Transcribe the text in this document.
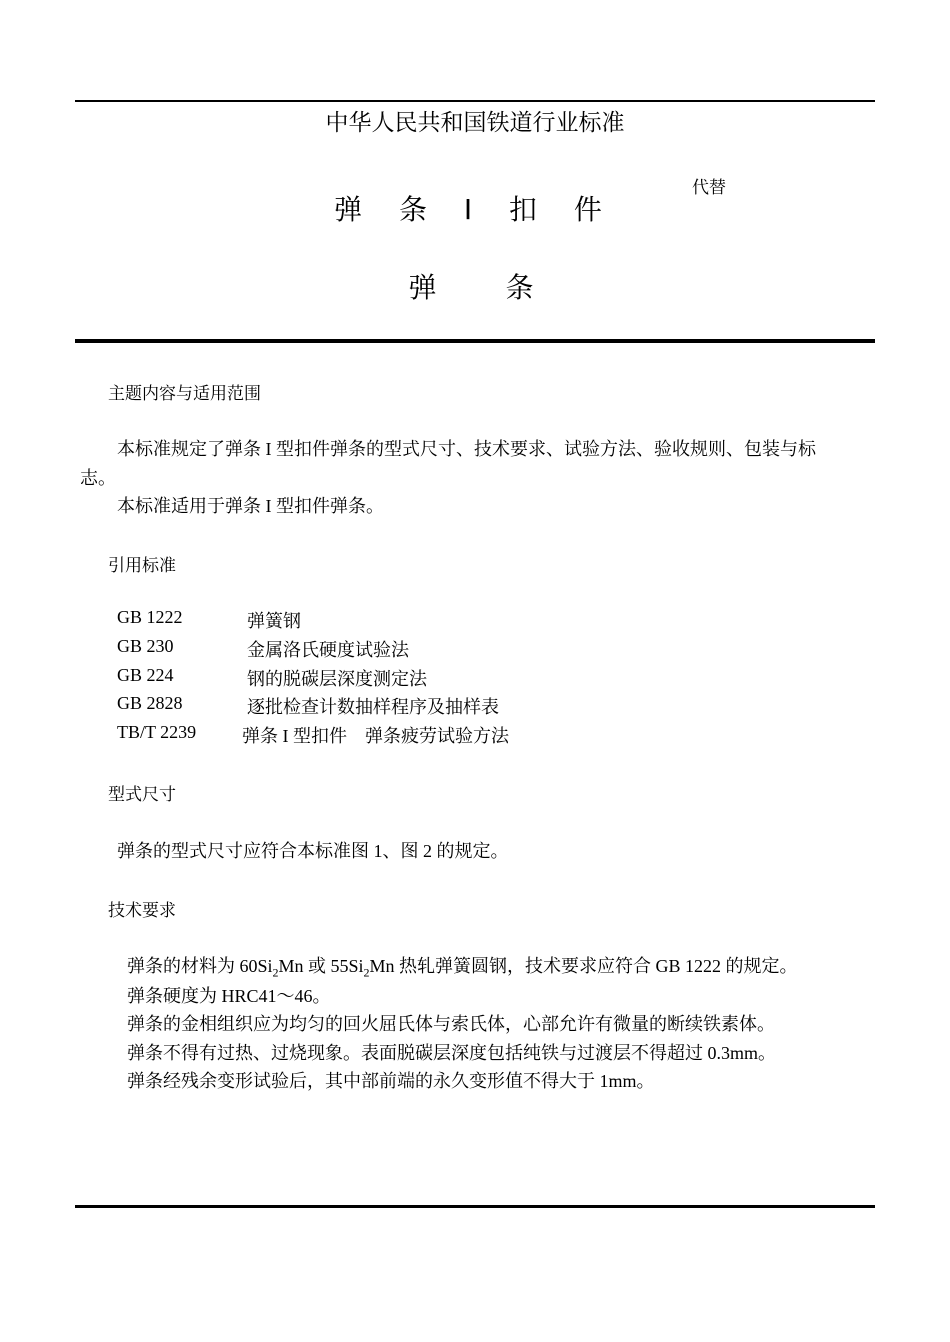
中华人民共和国铁道行业标准
代替
弹 条 Ⅰ 扣 件
弹 条
主题内容与适用范围
本标准规定了弹条 I 型扣件弹条的型式尺寸、技术要求、试验方法、验收规则、包装与标
志。
本标准适用于弹条 I 型扣件弹条。
引用标准
GB 1222	弹簧钢
GB 230	金属洛氏硬度试验法
GB 224	钢的脱碳层深度测定法
GB 2828	逐批检查计数抽样程序及抽样表
TB/T 2239	弹条 I 型扣件　弹条疲劳试验方法
型式尺寸
弹条的型式尺寸应符合本标准图 1、图 2 的规定。
技术要求
弹条的材料为 $60Si_2Mn$ 或 $55Si_2Mn$ 热轧弹簧圆钢，技术要求应符合 GB 1222 的规定。
弹条硬度为 HRC41～46。
弹条的金相组织应为均匀的回火屈氏体与索氏体，心部允许有微量的断续铁素体。
弹条不得有过热、过烧现象。表面脱碳层深度包括纯铁与过渡层不得超过 0.3mm。
弹条经残余变形试验后，其中部前端的永久变形值不得大于 1mm。
